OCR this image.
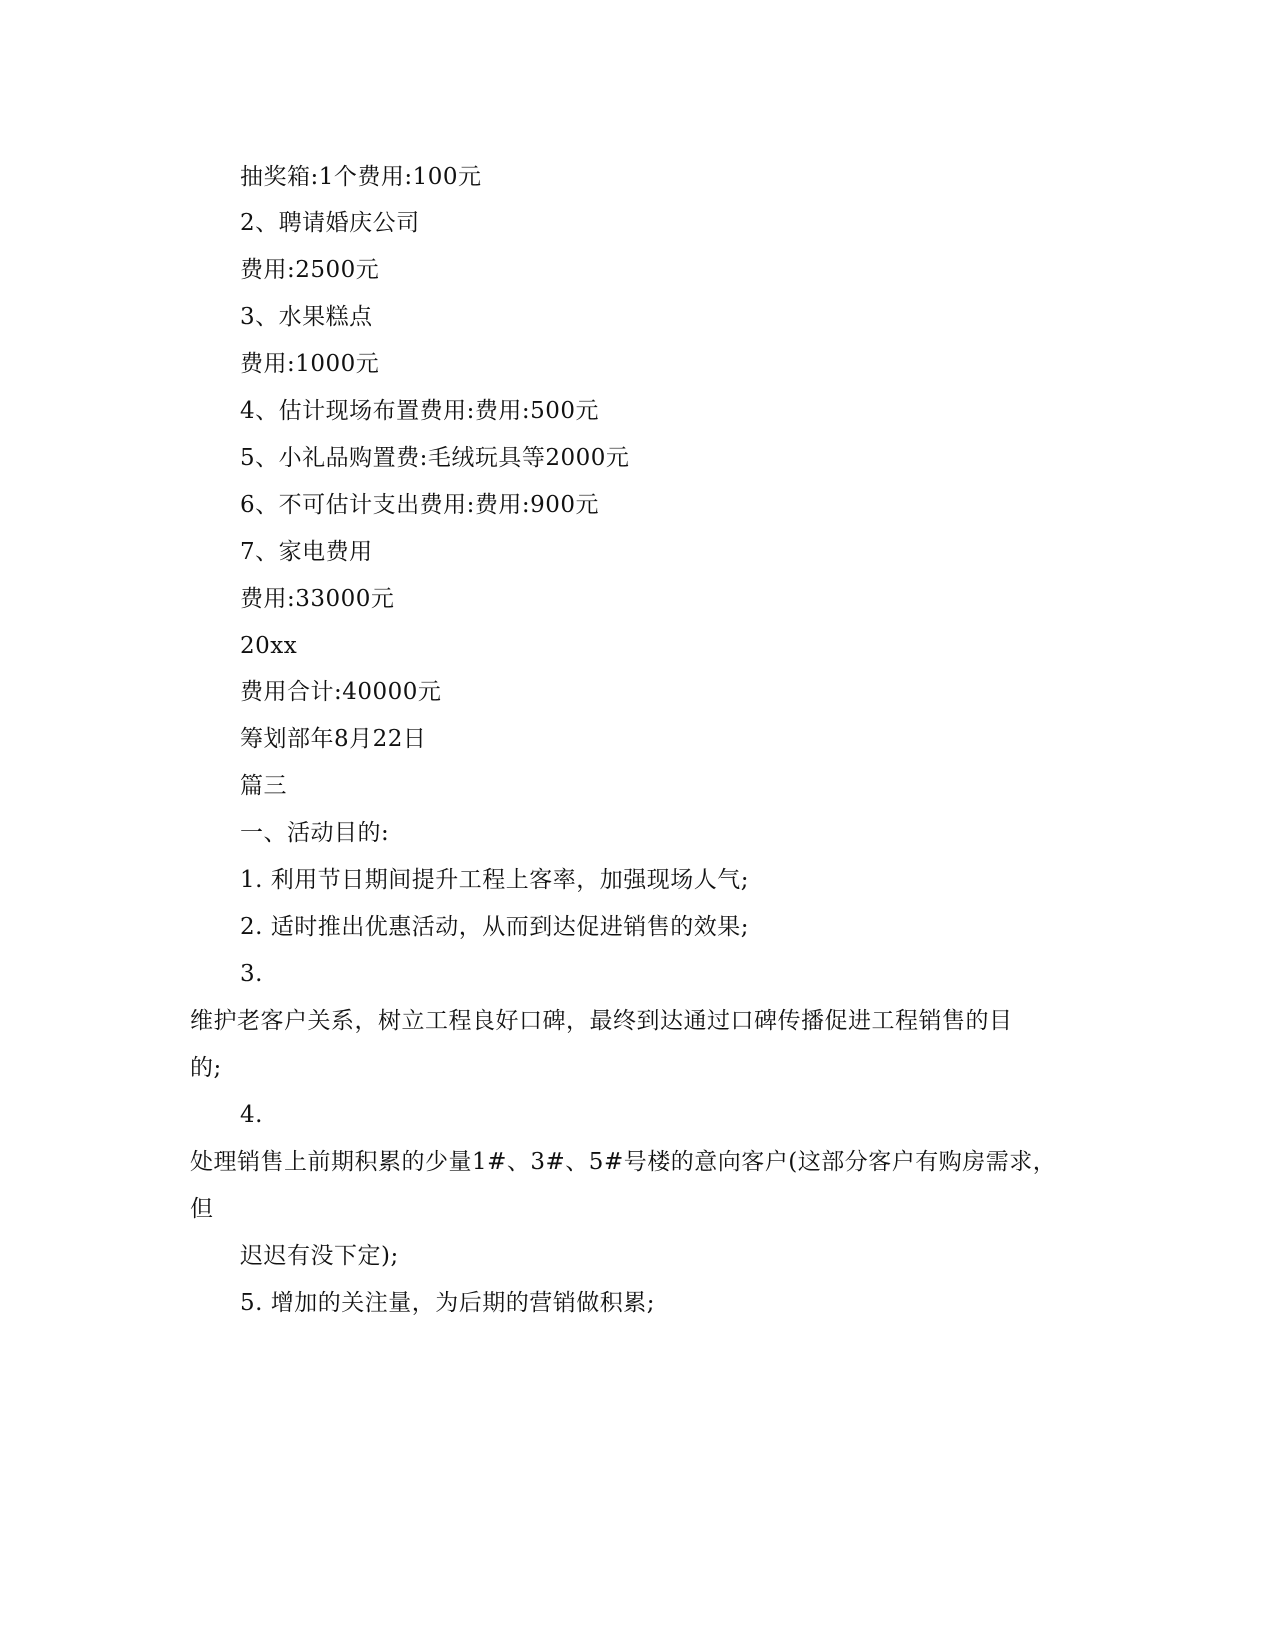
抽奖箱:1个费用:100元
2、聘请婚庆公司
费用:2500元
3、水果糕点
费用:1000元
4、估计现场布置费用:费用:500元
5、小礼品购置费:毛绒玩具等2000元
6、不可估计支出费用:费用:900元
7、家电费用
费用:33000元
20xx
费用合计:40000元
筹划部年8月22日
篇三
一、活动目的:
1. 利用节日期间提升工程上客率，加强现场人气;
2. 适时推出优惠活动，从而到达促进销售的效果;
3.
维护老客户关系，树立工程良好口碑，最终到达通过口碑传播促进工程销售的目
的;
4.
处理销售上前期积累的少量1#、3#、5#号楼的意向客户(这部分客户有购房需求，
但
迟迟有没下定);
5. 增加的关注量，为后期的营销做积累;
